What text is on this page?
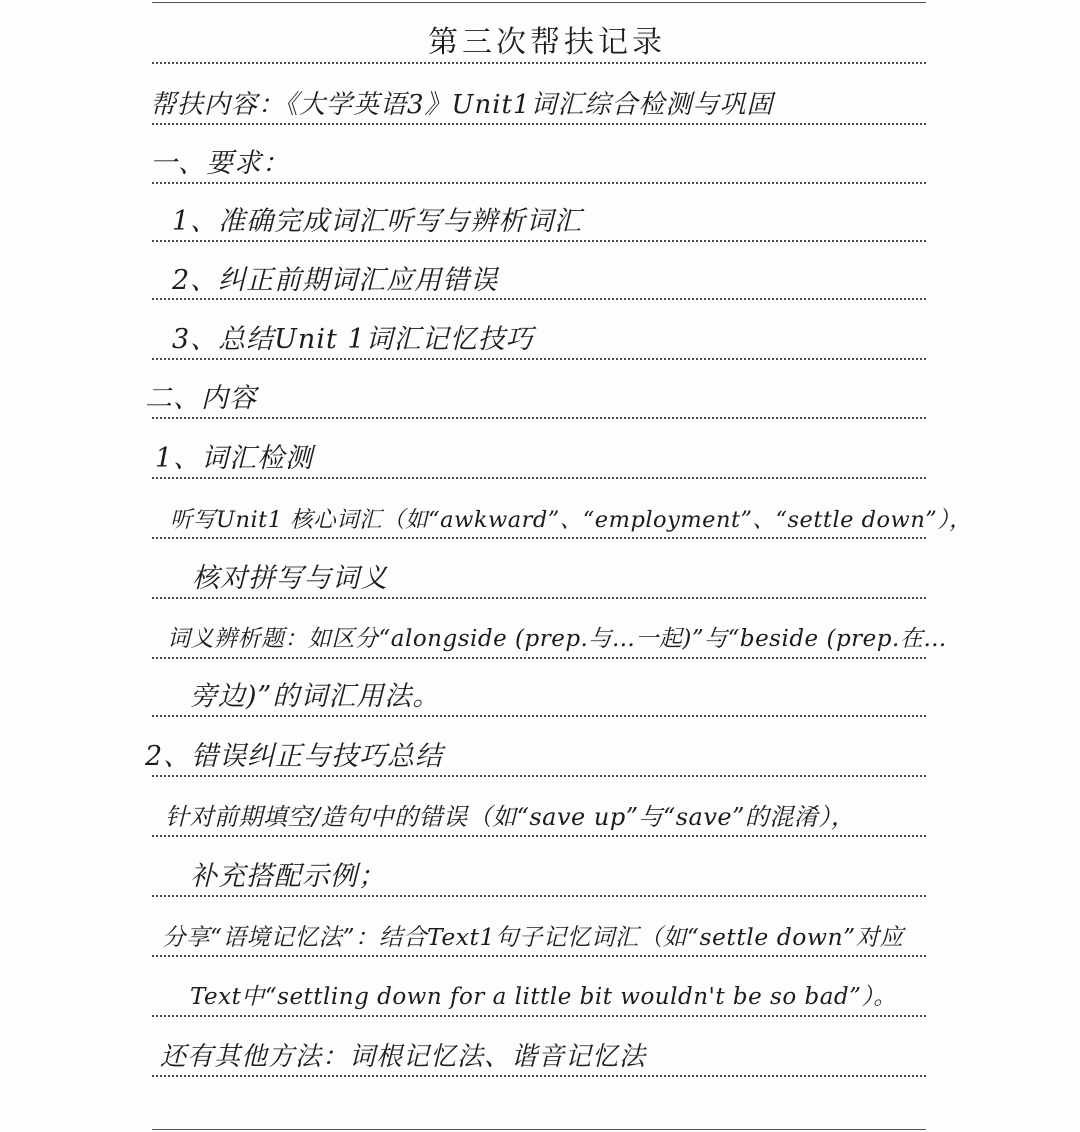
第三次帮扶记录
帮扶内容：《大学英语3》Unit1词汇综合检测与巩固
一、要求：
1、准确完成词汇听写与辨析词汇
2、纠正前期词汇应用错误
3、总结Unit 1词汇记忆技巧
二、内容
1、词汇检测
听写Unit1 核心词汇（如“awkward”、“employment”、“settle down”），
核对拼写与词义
词义辨析题：如区分“alongside (prep.与…一起)”与“beside (prep.在…
旁边)”的词汇用法。
2、错误纠正与技巧总结
针对前期填空/造句中的错误（如“save up”与“save”的混淆），
补充搭配示例；
分享“语境记忆法”：结合Text1句子记忆词汇（如“settle down”对应
Text中“settling down for a little bit wouldn't be so bad”）。
还有其他方法：词根记忆法、谐音记忆法
